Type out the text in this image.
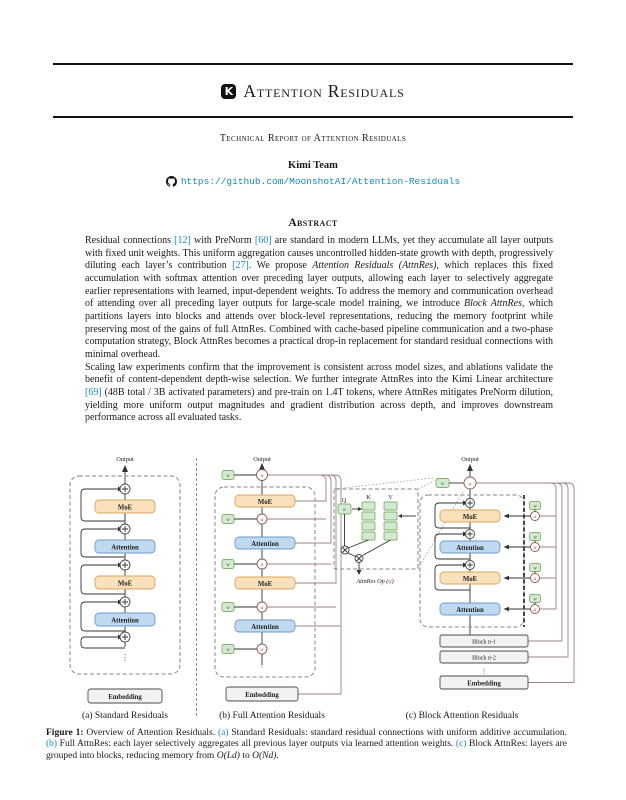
K Attention Residuals
Technical Report of Attention Residuals
Kimi Team
https://github.com/MoonshotAI/Attention-Residuals
Abstract

Residual connections [12] with PreNorm [60] are standard in modern LLMs, yet they accumulate all layer outputs with fixed unit weights. This uniform aggregation causes uncontrolled hidden-state growth with depth, progressively diluting each layer’s contribution [27]. We propose Attention Residuals (AttnRes), which replaces this fixed accumulation with softmax attention over preceding layer outputs, allowing each layer to selectively aggregate earlier representations with learned, input-dependent weights. To address the memory and communication overhead of attending over all preceding layer outputs for large-scale model training, we introduce Block AttnRes, which partitions layers into blocks and attends over block-level representations, reducing the memory footprint while preserving most of the gains of full AttnRes. Combined with cache-based pipeline communication and a two-phase computation strategy, Block AttnRes becomes a practical drop-in replacement for standard residual connections with minimal overhead.

Scaling law experiments confirm that the improvement is consistent across model sizes, and ablations validate the benefit of content-dependent depth-wise selection. We further integrate AttnRes into the Kimi Linear architecture [69] (48B total / 3B activated parameters) and pre-train on 1.4T tokens, where AttnRes mitigates PreNorm dilution, yielding more uniform output magnitudes and gradient distribution across depth, and improves downstream performance across all evaluated tasks.

Output
MoE
Attention
MoE
Attention
⋮
Embedding
(a) Standard Residuals
Output
w	α
MoE
Attention
MoE
Attention
w	α
w	α
w	α
w	α
⋮
Embedding
(b) Full Attention Residuals
Output
w	α
Q
w
K	V
AttnRes Op (α)
MoE
Attention
MoE
Attention
w
α
w
α
w
α
w
α
Block n-1
Block n-2
⋮
Embedding
(c) Block Attention Residuals
Figure 1: Overview of Attention Residuals. (a) Standard Residuals: standard residual connections with uniform additive accumulation. (b) Full AttnRes: each layer selectively aggregates all previous layer outputs via learned attention weights. (c) Block AttnRes: layers are grouped into blocks, reducing memory from O(Ld) to O(Nd).
